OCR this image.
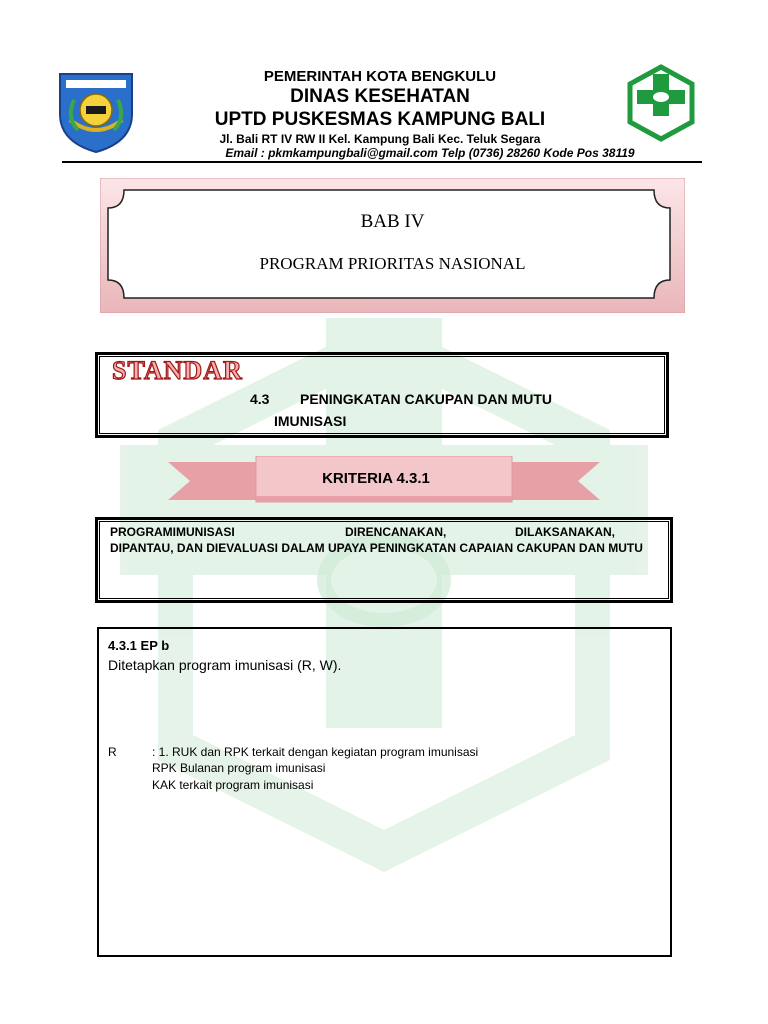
PEMERINTAH KOTA BENGKULU
DINAS KESEHATAN
UPTD PUSKESMAS KAMPUNG BALI
Jl. Bali RT IV RW II Kel. Kampung Bali Kec. Teluk Segara
Email : pkmkampungbali@gmail.com Telp (0736) 28260 Kode Pos 38119
BAB IV
PROGRAM PRIORITAS NASIONAL
STANDAR
4.3 PENINGKATAN CAKUPAN DAN MUTU
IMUNISASI
KRITERIA 4.3.1
PROGRAMIMUNISASI	DIRENCANAKAN,	DILAKSANAKAN,
DIPANTAU, DAN DIEVALUASI DALAM UPAYA PENINGKATAN CAPAIAN CAKUPAN DAN MUTU
4.3.1 EP b
Ditetapkan program imunisasi (R, W).
R	: 1. RUK dan RPK terkait dengan kegiatan program imunisasi
RPK Bulanan program imunisasi
KAK terkait program imunisasi
